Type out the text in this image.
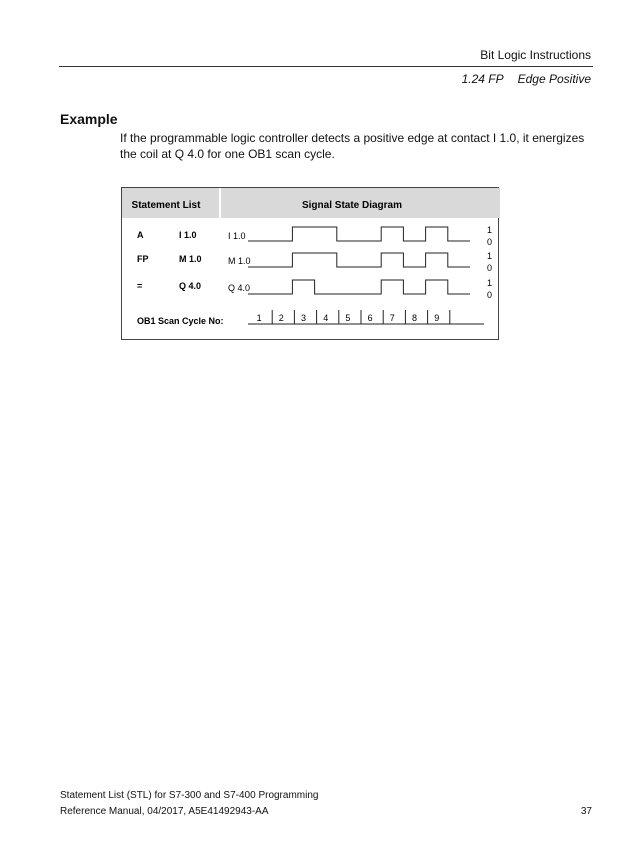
Bit Logic Instructions
1.24 FP Edge Positive
Example
If the programmable logic controller detects a positive edge at contact I 1.0, it energizes the coil at Q 4.0 for one OB1 scan cycle.
Statement List	Signal State Diagram
A	I 1.0	I 1.0
1
0
FP	M 1.0	M 1.0	1
0
=	Q 4.0	Q 4.0	1
0
OB1 Scan Cycle No:	1 2 3 4 5 6 7 8 9
Statement List (STL) for S7-300 and S7-400 Programming
Reference Manual, 04/2017, A5E41492943-AA	37
